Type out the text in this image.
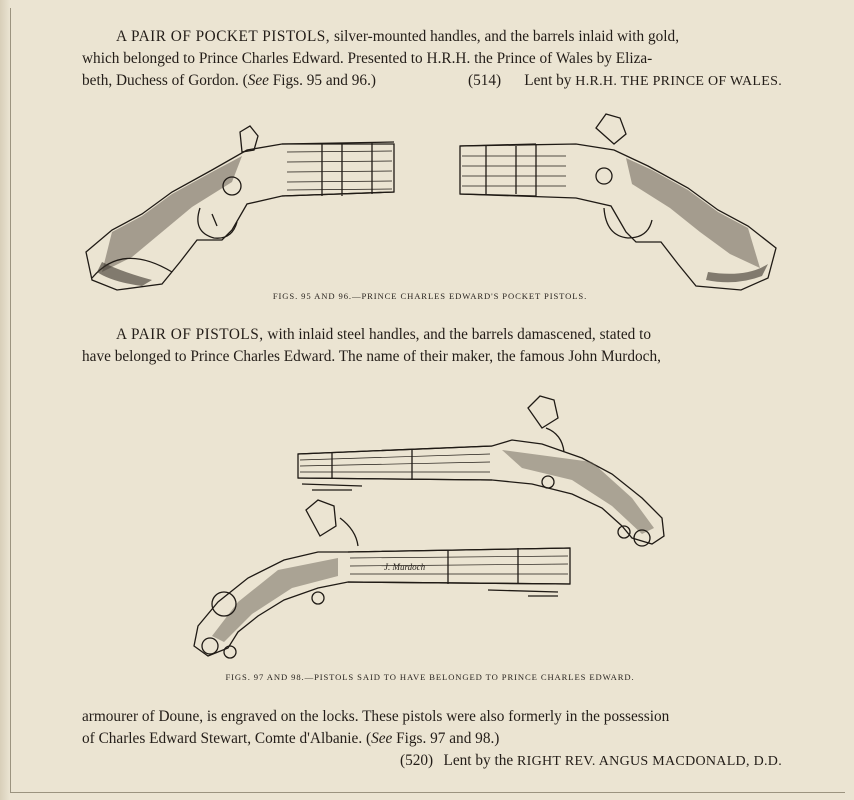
A PAIR OF POCKET PISTOLS, silver-mounted handles, and the barrels inlaid with gold,
which belonged to Prince Charles Edward. Presented to H.R.H. the Prince of Wales by Eliza-
beth, Duchess of Gordon. (See Figs. 95 and 96.)	(514) Lent by H.R.H. THE PRINCE OF WALES.
FIGS. 95 AND 96.—PRINCE CHARLES EDWARD'S POCKET PISTOLS.
A PAIR OF PISTOLS, with inlaid steel handles, and the barrels damascened, stated to
have belonged to Prince Charles Edward. The name of their maker, the famous John Murdoch,
J. Murdoch
FIGS. 97 AND 98.—PISTOLS SAID TO HAVE BELONGED TO PRINCE CHARLES EDWARD.
armourer of Doune, is engraved on the locks. These pistols were also formerly in the possession
of Charles Edward Stewart, Comte d'Albanie. (See Figs. 97 and 98.)
(520) Lent by the RIGHT REV. ANGUS MACDONALD, D.D.
